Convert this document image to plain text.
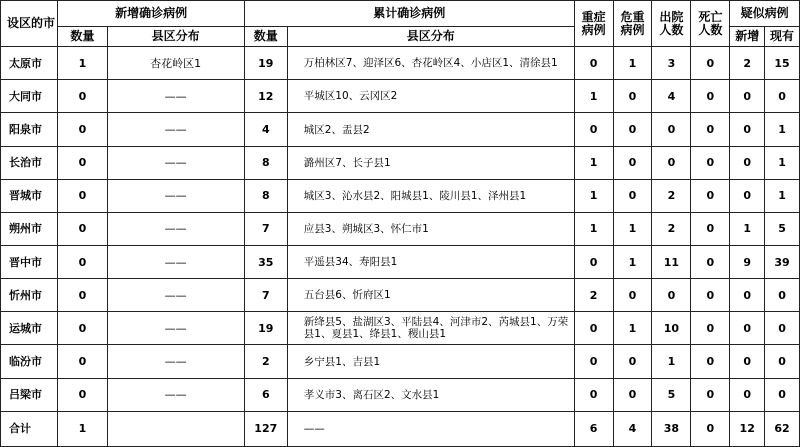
设区的市	新增确诊病例		累计确诊病例		重症病例	危重病例	出院人数	死亡人数	疑似病例	
	数量	县区分布	数量	县区分布					新增	现有
太原市	1	杏花岭区1	19	万柏林区7、迎泽区6、杏花岭区4、小店区1、清徐县1	0	1	3	0	2	15
大同市	0	——	12	平城区10、云冈区2	1	0	4	0	0	0
阳泉市	0	——	4	城区2、盂县2	0	0	0	0	0	1
长治市	0	——	8	潞州区7、长子县1	1	0	0	0	0	1
晋城市	0	——	8	城区3、沁水县2、阳城县1、陵川县1、泽州县1	1	0	2	0	0	1
朔州市	0	——	7	应县3、朔城区3、怀仁市1	1	1	2	0	1	5
晋中市	0	——	35	平遥县34、寿阳县1	0	1	11	0	9	39
忻州市	0	——	7	五台县6、忻府区1	2	0	0	0	0	0
运城市	0	——	19	新绛县5、盐湖区3、平陆县4、河津市2、芮城县1、万荣县1、夏县1、绛县1、稷山县1	0	1	10	0	0	0
临汾市	0	——	2	乡宁县1、吉县1	0	0	1	0	0	0
吕梁市	0	——	6	孝义市3、离石区2、文水县1	0	0	5	0	0	0
合计	1		127	——	6	4	38	0	12	62
